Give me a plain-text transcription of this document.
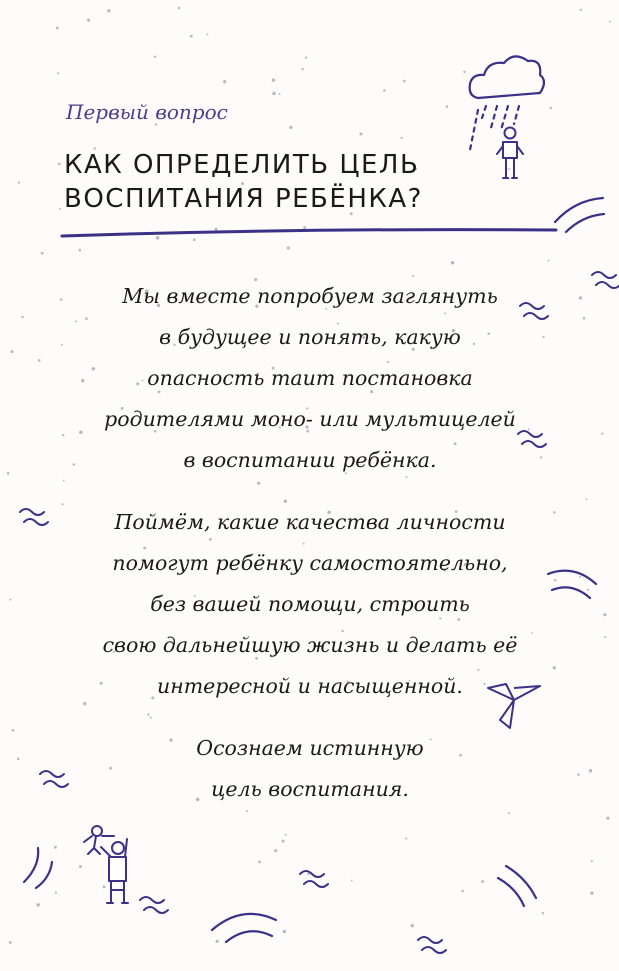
Первый вопрос
КАК ОПРЕДЕЛИТЬ ЦЕЛЬ
ВОСПИТАНИЯ РЕБЁНКА?
Мы вместе попробуем заглянуть
в будущее и понять, какую
опасность таит постановка
родителями моно- или мультицелей
в воспитании ребёнка.
Поймём, какие качества личности
помогут ребёнку самостоятельно,
без вашей помощи, строить
свою дальнейшую жизнь и делать её
интересной и насыщенной.
Осознаем истинную
цель воспитания.
